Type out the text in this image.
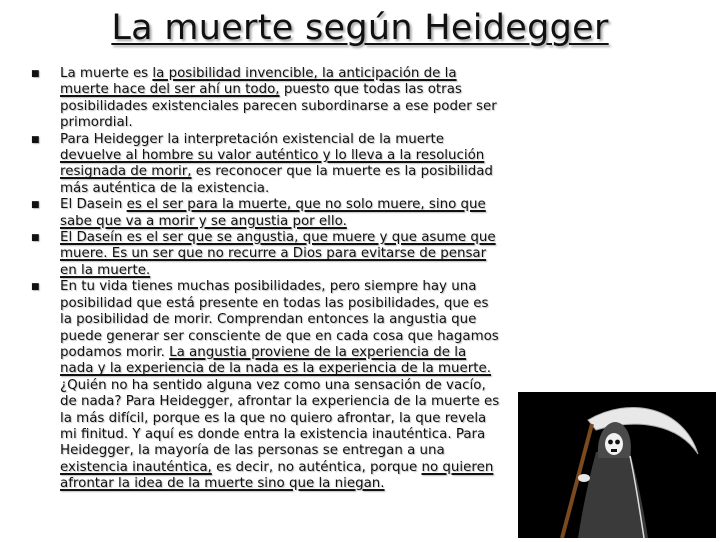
La muerte según Heidegger
■ La muerte es la posibilidad invencible, la anticipación de la muerte hace del ser ahí un todo, puesto que todas las otras posibilidades existenciales parecen subordinarse a ese poder ser primordial.
■ Para Heidegger la interpretación existencial de la muerte devuelve al hombre su valor auténtico y lo lleva a la resolución resignada de morir, es reconocer que la muerte es la posibilidad más auténtica de la existencia.
■ El Dasein es el ser para la muerte, que no solo muere, sino que sabe que va a morir y se angustia por ello.
■ El Daseín es el ser que se angustia, que muere y que asume que muere. Es un ser que no recurre a Dios para evitarse de pensar en la muerte.
■ En tu vida tienes muchas posibilidades, pero siempre hay una posibilidad que está presente en todas las posibilidades, que es la posibilidad de morir. Comprendan entonces la angustia que puede generar ser consciente de que en cada cosa que hagamos podamos morir. La angustia proviene de la experiencia de la nada y la experiencia de la nada es la experiencia de la muerte. ¿Quién no ha sentido alguna vez como una sensación de vacío, de nada? Para Heidegger, afrontar la experiencia de la muerte es la más difícil, porque es la que no quiero afrontar, la que revela mi finitud. Y aquí es donde entra la existencia inauténtica. Para Heidegger, la mayoría de las personas se entregan a una existencia inauténtica, es decir, no auténtica, porque no quieren afrontar la idea de la muerte sino que la niegan.
